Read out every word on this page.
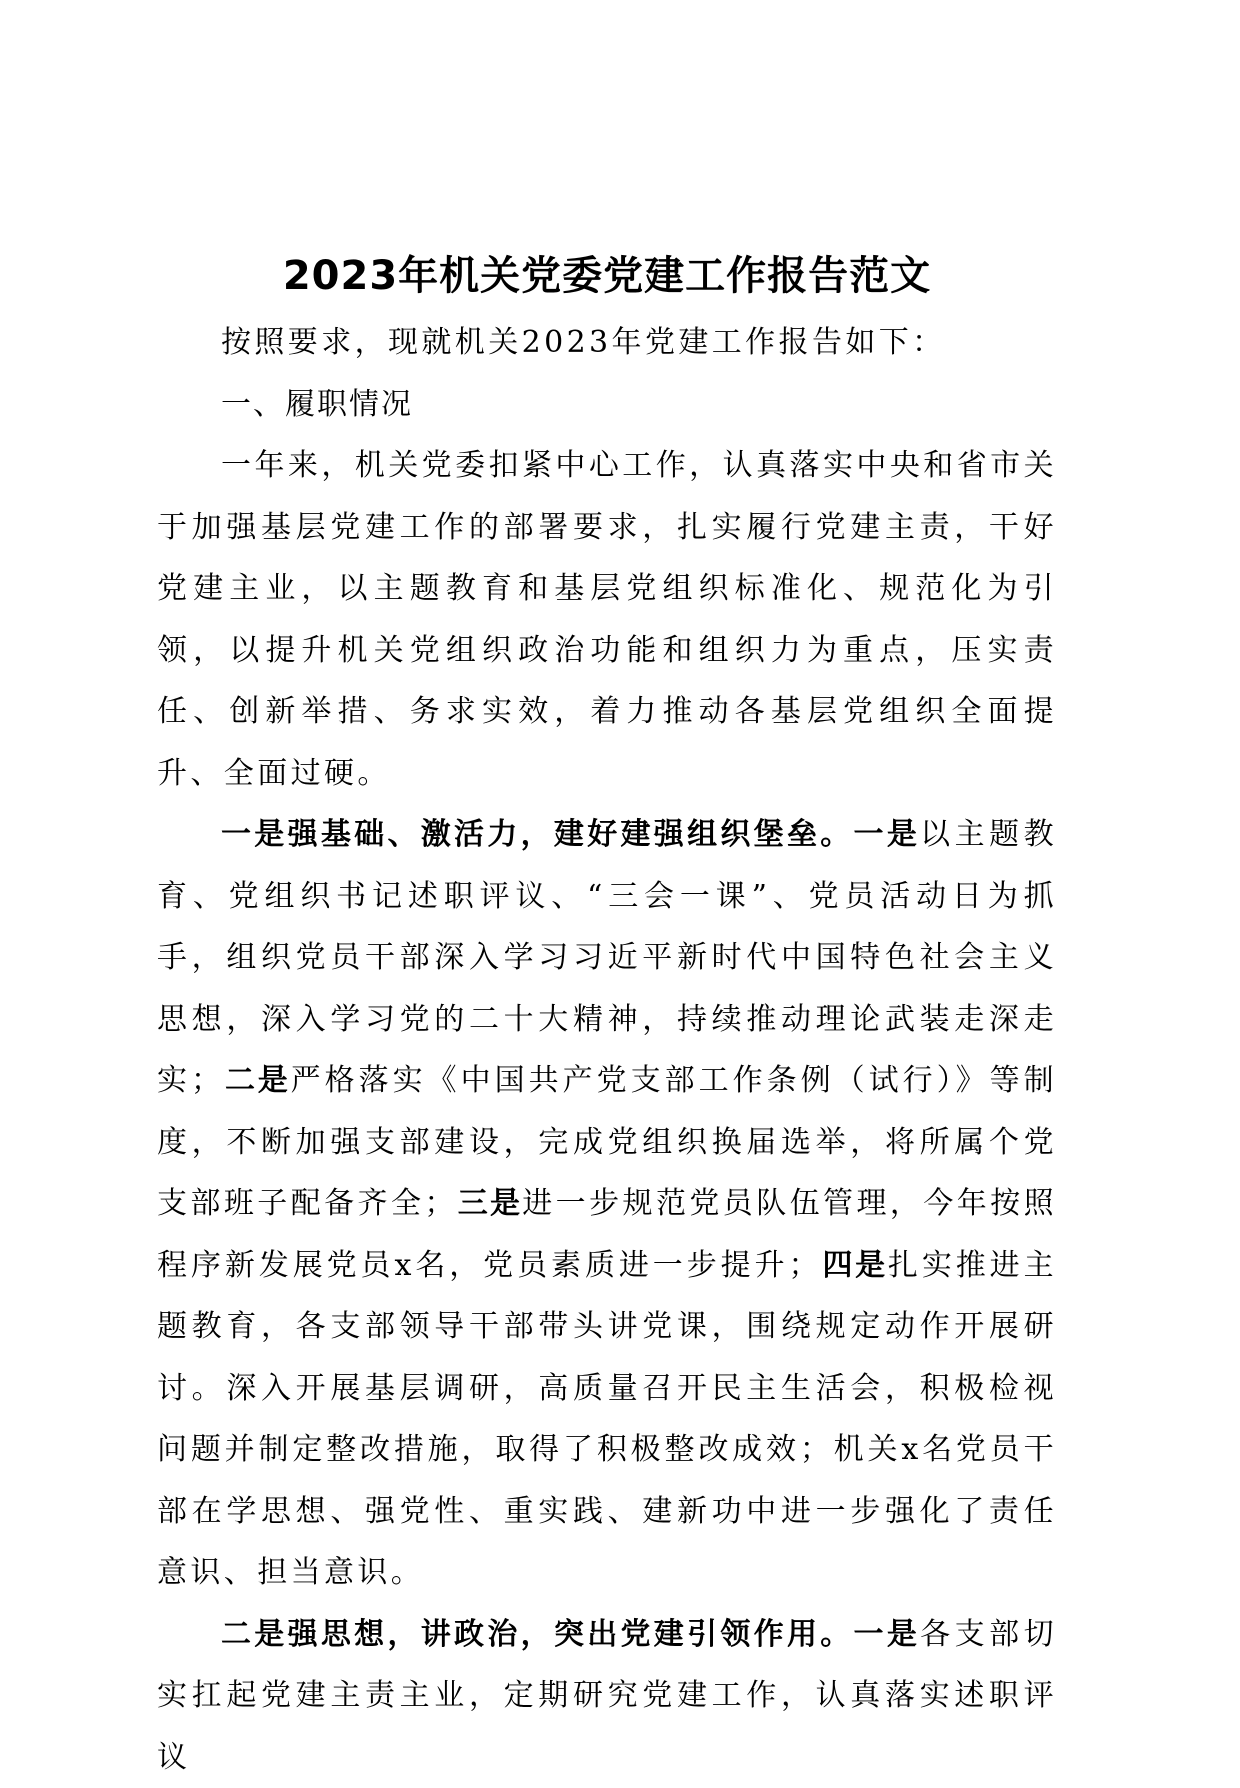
2023年机关党委党建工作报告范文

按照要求，现就机关2023年党建工作报告如下：

一、履职情况

一年来，机关党委扣紧中心工作，认真落实中央和省市关于加强基层党建工作的部署要求，扎实履行党建主责，干好党建主业，以主题教育和基层党组织标准化、规范化为引领，以提升机关党组织政治功能和组织力为重点，压实责任、创新举措、务求实效，着力推动各基层党组织全面提升、全面过硬。

一是强基础、激活力，建好建强组织堡垒。一是以主题教育、党组织书记述职评议、“三会一课”、党员活动日为抓手，组织党员干部深入学习习近平新时代中国特色社会主义思想，深入学习党的二十大精神，持续推动理论武装走深走实；二是严格落实《中国共产党支部工作条例（试行）》等制度，不断加强支部建设，完成党组织换届选举，将所属个党支部班子配备齐全；三是进一步规范党员队伍管理，今年按照程序新发展党员x名，党员素质进一步提升；四是扎实推进主题教育，各支部领导干部带头讲党课，围绕规定动作开展研讨。深入开展基层调研，高质量召开民主生活会，积极检视问题并制定整改措施，取得了积极整改成效；机关x名党员干部在学思想、强党性、重实践、建新功中进一步强化了责任意识、担当意识。

二是强思想，讲政治，突出党建引领作用。一是各支部切实扛起党建主责主业，定期研究党建工作，认真落实述职评议
